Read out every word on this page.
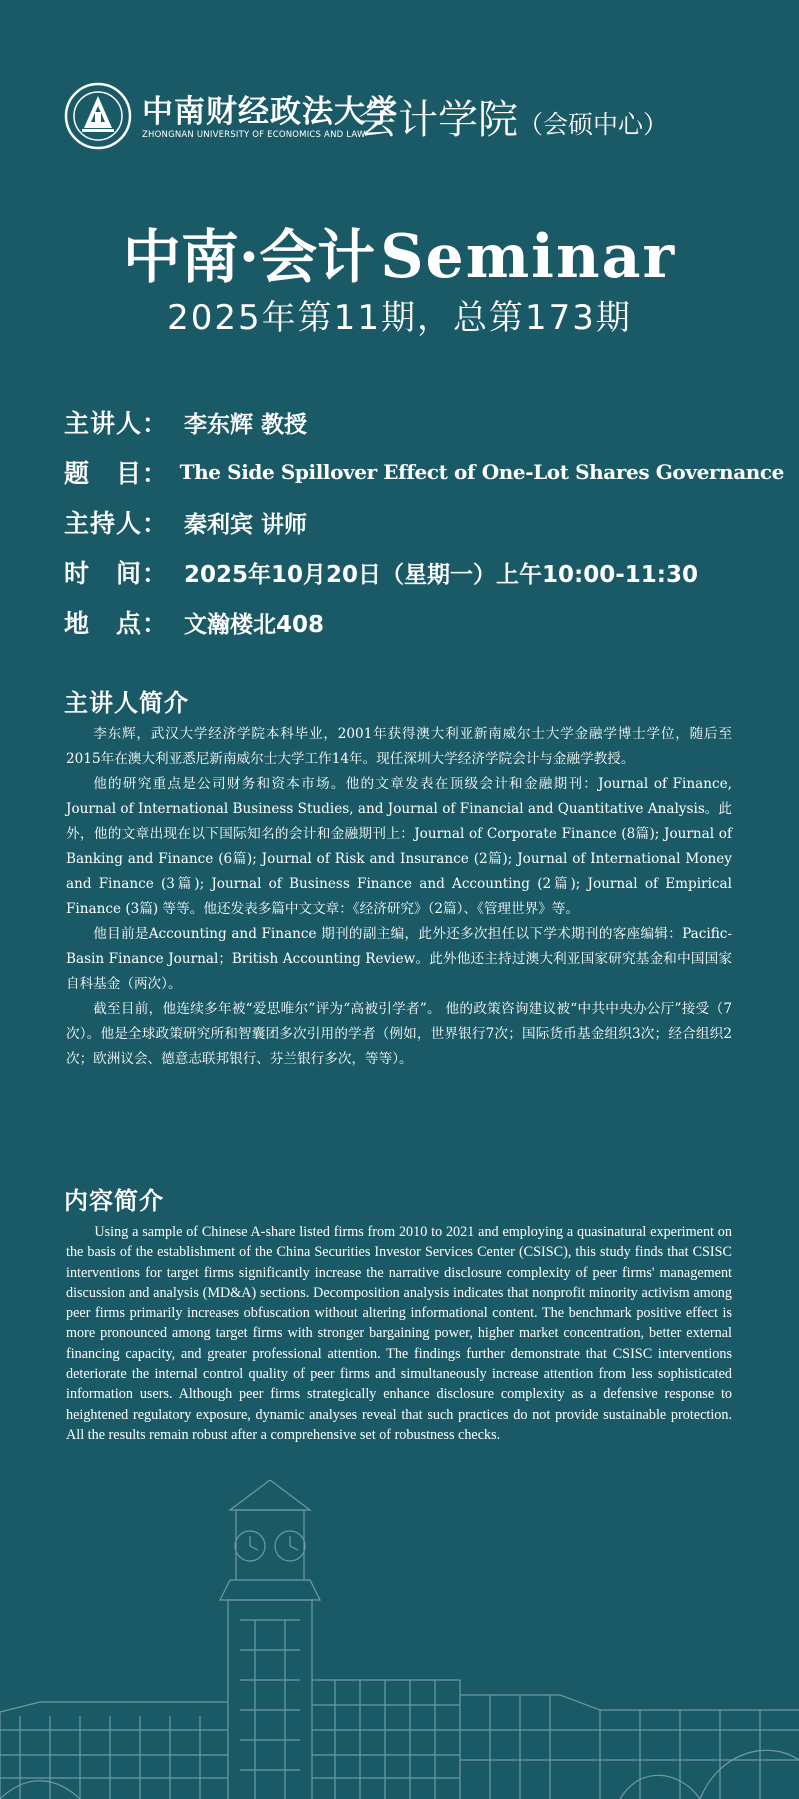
中南财经政法大学
ZHONGNAN UNIVERSITY OF ECONOMICS AND LAW
会计学院（会硕中心）
中南·会计 Seminar
2025年第11期，总第173期
主讲人： 李东辉 教授
题　目： The Side Spillover Effect of One-Lot Shares Governance
主持人： 秦利宾 讲师
时　间： 2025年10月20日（星期一）上午10:00-11:30
地　点： 文瀚楼北408
主讲人简介

李东辉，武汉大学经济学院本科毕业，2001年获得澳大利亚新南威尔士大学金融学博士学位，随后至2015年在澳大利亚悉尼新南威尔士大学工作14年。现任深圳大学经济学院会计与金融学教授。

他的研究重点是公司财务和资本市场。他的文章发表在顶级会计和金融期刊：Journal of Finance, Journal of International Business Studies, and Journal of Financial and Quantitative Analysis。此外，他的文章出现在以下国际知名的会计和金融期刊上：Journal of Corporate Finance (8篇); Journal of Banking and Finance (6篇); Journal of Risk and Insurance (2篇); Journal of International Money and Finance (3篇); Journal of Business Finance and Accounting (2篇); Journal of Empirical Finance (3篇) 等等。他还发表多篇中文文章：《经济研究》（2篇）、《管理世界》等。

他目前是Accounting and Finance 期刊的副主编，此外还多次担任以下学术期刊的客座编辑：Pacific-Basin Finance Journal；British Accounting Review。此外他还主持过澳大利亚国家研究基金和中国国家自科基金（两次）。

截至目前，他连续多年被“爱思唯尔”评为“高被引学者”。 他的政策咨询建议被“中共中央办公厅”接受（7次）。他是全球政策研究所和智囊团多次引用的学者（例如，世界银行7次；国际货币基金组织3次；经合组织2次；欧洲议会、德意志联邦银行、芬兰银行多次，等等）。

内容简介

Using a sample of Chinese A-share listed firms from 2010 to 2021 and employing a quasinatural experiment on the basis of the establishment of the China Securities Investor Services Center (CSISC), this study finds that CSISC interventions for target firms significantly increase the narrative disclosure complexity of peer firms' management discussion and analysis (MD&A) sections. Decomposition analysis indicates that nonprofit minority activism among peer firms primarily increases obfuscation without altering informational content. The benchmark positive effect is more pronounced among target firms with stronger bargaining power, higher market concentration, better external financing capacity, and greater professional attention. The findings further demonstrate that CSISC interventions deteriorate the internal control quality of peer firms and simultaneously increase attention from less sophisticated information users. Although peer firms strategically enhance disclosure complexity as a defensive response to heightened regulatory exposure, dynamic analyses reveal that such practices do not provide sustainable protection. All the results remain robust after a comprehensive set of robustness checks.
